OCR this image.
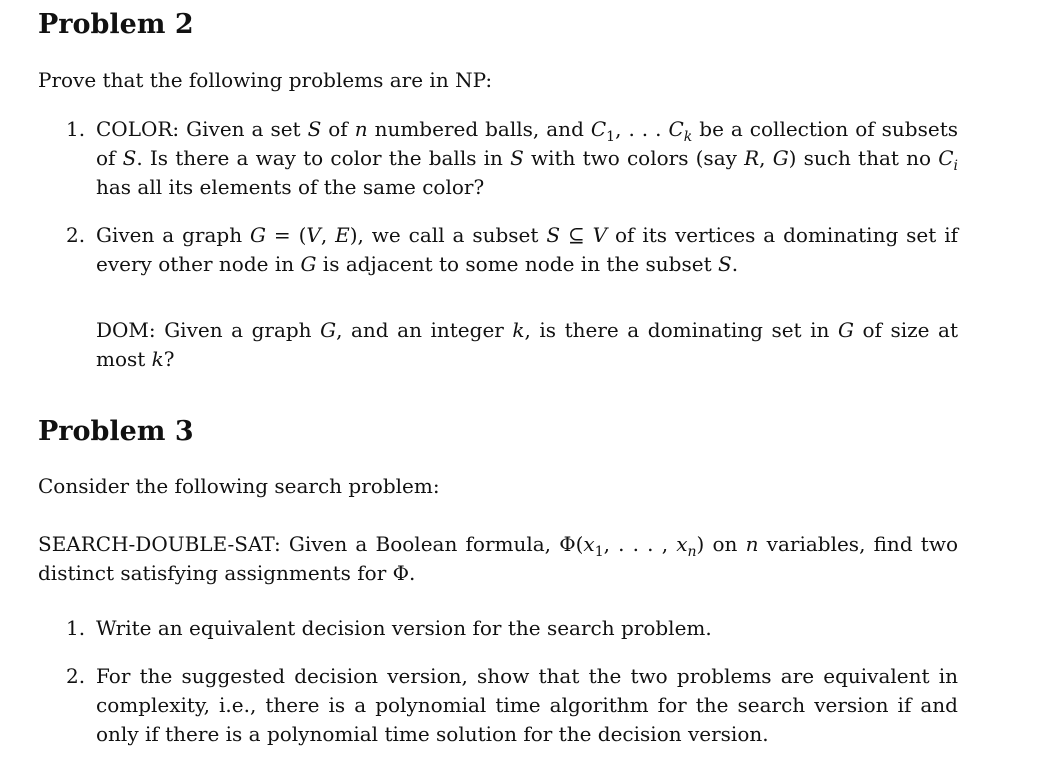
Problem 2

Prove that the following problems are in NP:

1. COLOR: Given a set S of n numbered balls, and $C_1$, . . . $C_k$ be a collection of subsets of S. Is there a way to color the balls in S with two colors (say R, G) such that no $C_i$ has all its elements of the same color?
2. Given a graph G = (V, E), we call a subset S ⊆ V of its vertices a dominating set if every other node in G is adjacent to some node in the subset S.
DOM: Given a graph G, and an integer k, is there a dominating set in G of size at most k?
Problem 3

Consider the following search problem:

SEARCH-DOUBLE-SAT: Given a Boolean formula, $\Phi(x_1$, . . . , $x_n$) on n variables, find two distinct satisfying assignments for Φ.

1. Write an equivalent decision version for the search problem.
2. For the suggested decision version, show that the two problems are equivalent in complexity, i.e., there is a polynomial time algorithm for the search version if and only if there is a polynomial time solution for the decision version.
